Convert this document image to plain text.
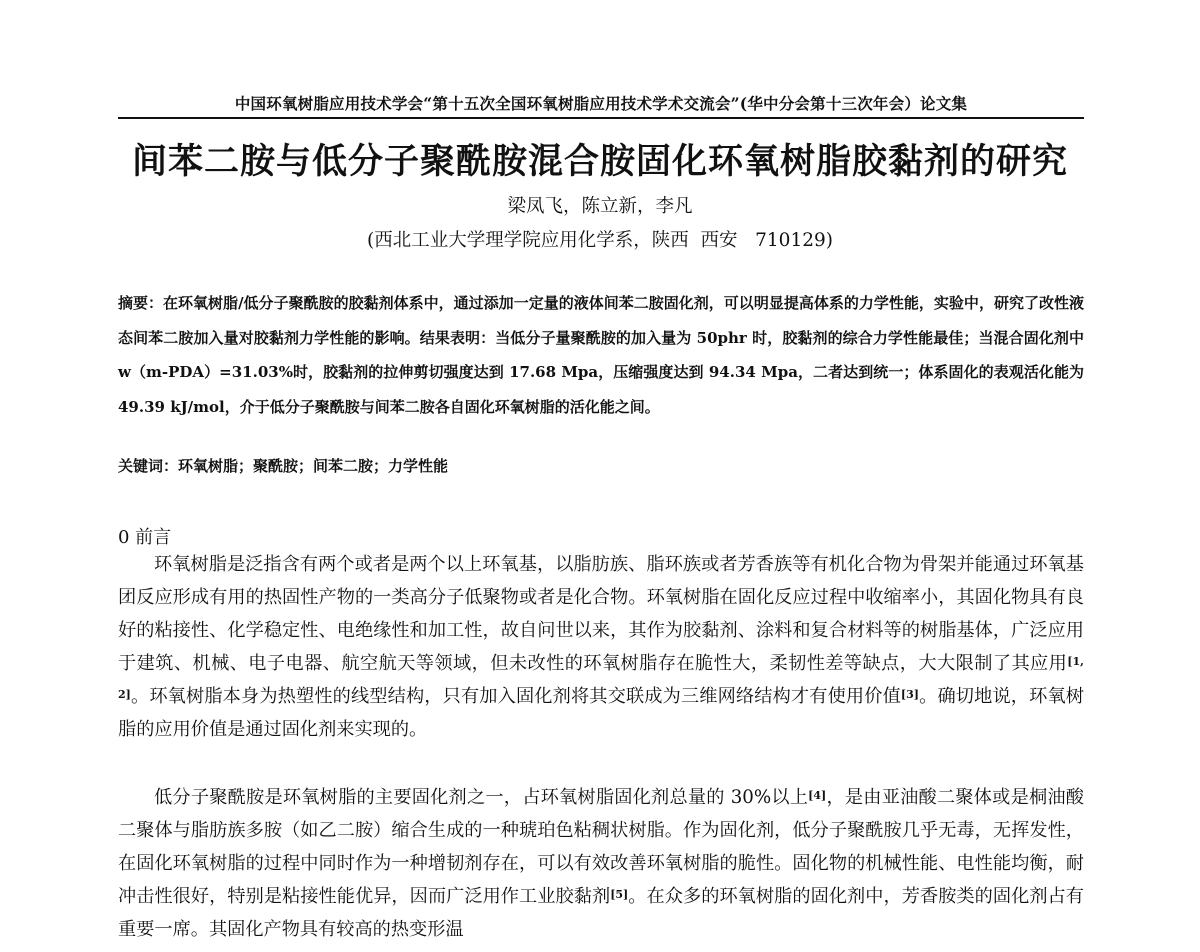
中国环氧树脂应用技术学会“第十五次全国环氧树脂应用技术学术交流会”(华中分会第十三次年会）论文集
间苯二胺与低分子聚酰胺混合胺固化环氧树脂胶黏剂的研究
梁凤飞，陈立新，李凡
(西北工业大学理学院应用化学系，陕西  西安   710129)

摘要：在环氧树脂/低分子聚酰胺的胶黏剂体系中，通过添加一定量的液体间苯二胺固化剂，可以明显提高体系的力学性能，实验中，研究了改性液态间苯二胺加入量对胶黏剂力学性能的影响。结果表明：当低分子量聚酰胺的加入量为 50phr 时，胶黏剂的综合力学性能最佳；当混合固化剂中 w（m-PDA）=31.03%时，胶黏剂的拉伸剪切强度达到 17.68 Mpa，压缩强度达到 94.34 Mpa，二者达到统一；体系固化的表观活化能为 49.39 kJ/mol，介于低分子聚酰胺与间苯二胺各自固化环氧树脂的活化能之间。

关键词：环氧树脂；聚酰胺；间苯二胺；力学性能
0 前言

环氧树脂是泛指含有两个或者是两个以上环氧基，以脂肪族、脂环族或者芳香族等有机化合物为骨架并能通过环氧基团反应形成有用的热固性产物的一类高分子低聚物或者是化合物。环氧树脂在固化反应过程中收缩率小，其固化物具有良好的粘接性、化学稳定性、电绝缘性和加工性，故自问世以来，其作为胶黏剂、涂料和复合材料等的树脂基体，广泛应用于建筑、机械、电子电器、航空航天等领域，但未改性的环氧树脂存在脆性大，柔韧性差等缺点，大大限制了其应用[1, 2]。环氧树脂本身为热塑性的线型结构，只有加入固化剂将其交联成为三维网络结构才有使用价值[3]。确切地说，环氧树脂的应用价值是通过固化剂来实现的。

低分子聚酰胺是环氧树脂的主要固化剂之一，占环氧树脂固化剂总量的 30%以上[4]，是由亚油酸二聚体或是桐油酸二聚体与脂肪族多胺（如乙二胺）缩合生成的一种琥珀色粘稠状树脂。作为固化剂，低分子聚酰胺几乎无毒，无挥发性，在固化环氧树脂的过程中同时作为一种增韧剂存在，可以有效改善环氧树脂的脆性。固化物的机械性能、电性能均衡，耐冲击性很好，特别是粘接性能优异，因而广泛用作工业胶黏剂[5]。在众多的环氧树脂的固化剂中，芳香胺类的固化剂占有重要一席。其固化产物具有较高的热变形温
